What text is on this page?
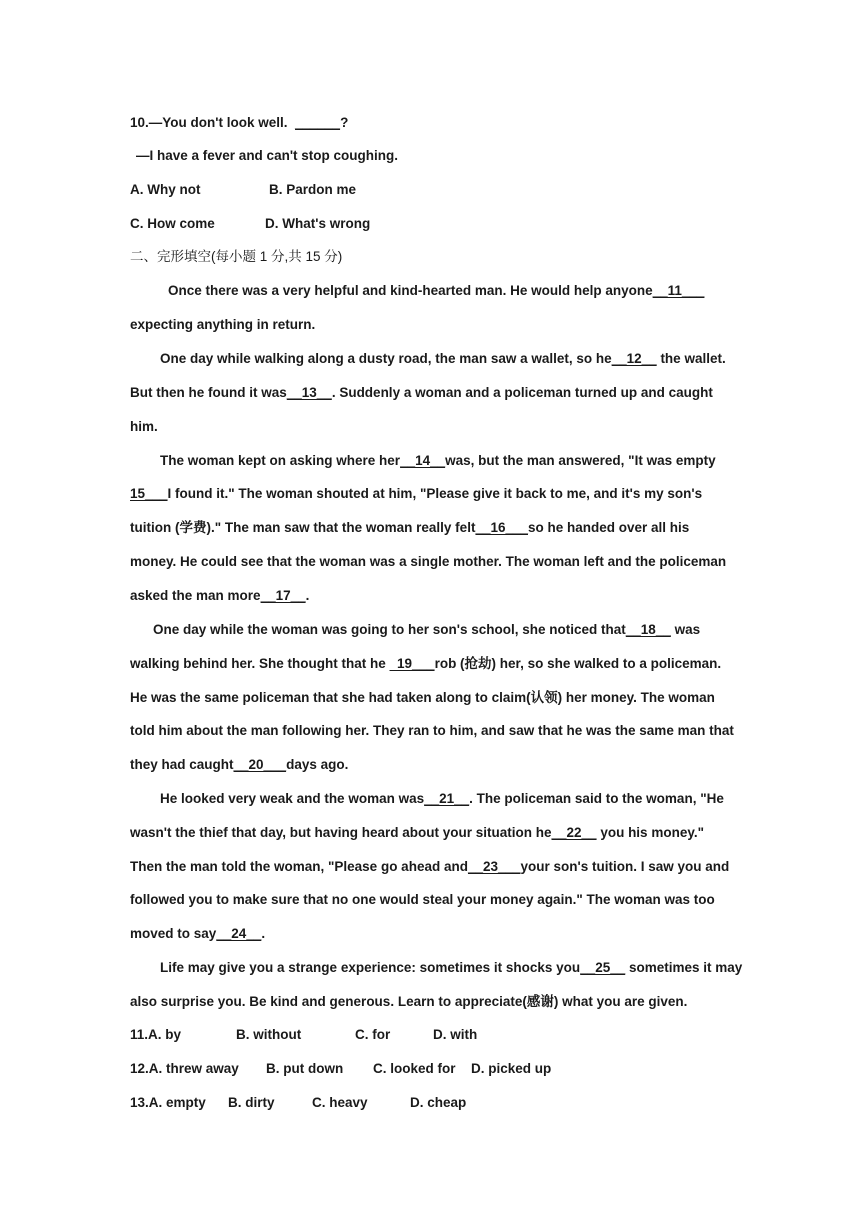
10.—You don't look well. ______?
—I have a fever and can't stop coughing.
A. Why not	B. Pardon me
C. How come	D. What's wrong
二、完形填空(每小题 1 分,共 15 分)
Once there was a very helpful and kind-hearted man. He would help anyone__11___
expecting anything in return.
One day while walking along a dusty road, the man saw a wallet, so he__12__ the wallet.
But then he found it was__13__. Suddenly a woman and a policeman turned up and caught
him.
The woman kept on asking where her__14__was, but the man answered, "It was empty
15___I found it." The woman shouted at him, "Please give it back to me, and it's my son's
tuition (学费)." The man saw that the woman really felt__16___so he handed over all his
money. He could see that the woman was a single mother. The woman left and the policeman
asked the man more__17__.
One day while the woman was going to her son's school, she noticed that__18__ was
walking behind her. She thought that he   19___rob (抢劫) her, so she walked to a policeman.
He was the same policeman that she had taken along to claim(认领) her money. The woman
told him about the man following her. They ran to him, and saw that he was the same man that
they had caught__20___days ago.
He looked very weak and the woman was__21__. The policeman said to the woman, "He
wasn't the thief that day, but having heard about your situation he__22__ you his money."
Then the man told the woman, "Please go ahead and__23___your son's tuition. I saw you and
followed you to make sure that no one would steal your money again." The woman was too
moved to say__24__.
Life may give you a strange experience: sometimes it shocks you__25__ sometimes it may
also surprise you. Be kind and generous. Learn to appreciate(感谢) what you are given.
11.A. by	B. without	C. for	D. with
12.A. threw away B. put down C. looked for D. picked up
13.A. empty B. dirty	C. heavy	D. cheap
